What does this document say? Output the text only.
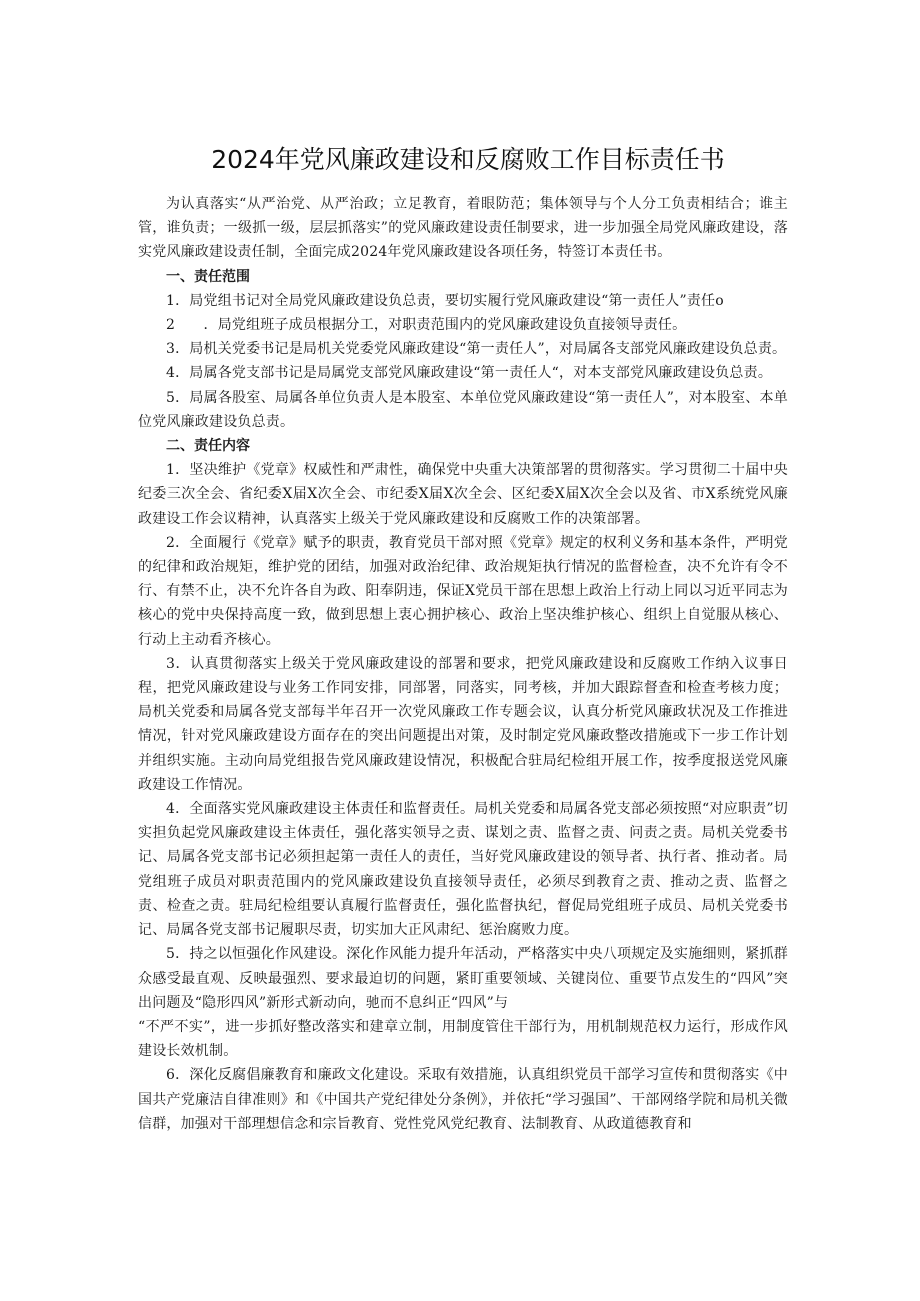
2024年党风廉政建设和反腐败工作目标责任书

为认真落实“从严治党、从严治政；立足教育，着眼防范；集体领导与个人分工负责相结合；谁主管，谁负责；一级抓一级，层层抓落实”的党风廉政建设责任制要求，进一步加强全局党风廉政建设，落实党风廉政建设责任制，全面完成2024年党风廉政建设各项任务，特签订本责任书。

一、责任范围

1．局党组书记对全局党风廉政建设负总责，要切实履行党风廉政建设“第一责任人”责任o

2　　．局党组班子成员根据分工，对职责范围内的党风廉政建设负直接领导责任。

3．局机关党委书记是局机关党委党风廉政建设“第一责任人”，对局属各支部党风廉政建设负总责。

4．局属各党支部书记是局属党支部党风廉政建设“第一责任人“，对本支部党风廉政建设负总责。

5．局属各股室、局属各单位负责人是本股室、本单位党风廉政建设“第一责任人”，对本股室、本单位党风廉政建设负总责。

二、责任内容

1．坚决维护《党章》权威性和严肃性，确保党中央重大决策部署的贯彻落实。学习贯彻二十届中央纪委三次全会、省纪委X届X次全会、市纪委X届X次全会、区纪委X届X次全会以及省、市X系统党风廉政建设工作会议精神，认真落实上级关于党风廉政建设和反腐败工作的决策部署。

2．全面履行《党章》赋予的职责，教育党员干部对照《党章》规定的权利义务和基本条件，严明党的纪律和政治规矩，维护党的团结，加强对政治纪律、政治规矩执行情况的监督检查，决不允许有令不行、有禁不止，决不允许各自为政、阳奉阴违，保证X党员干部在思想上政治上行动上同以习近平同志为核心的党中央保持高度一致，做到思想上衷心拥护核心、政治上坚决维护核心、组织上自觉服从核心、行动上主动看齐核心。

3．认真贯彻落实上级关于党风廉政建设的部署和要求，把党风廉政建设和反腐败工作纳入议事日程，把党风廉政建设与业务工作同安排，同部署，同落实，同考核，并加大跟踪督查和检查考核力度；局机关党委和局属各党支部每半年召开一次党风廉政工作专题会议，认真分析党风廉政状况及工作推进情况，针对党风廉政建设方面存在的突出问题提出对策，及时制定党风廉政整改措施或下一步工作计划并组织实施。主动向局党组报告党风廉政建设情况，积极配合驻局纪检组开展工作，按季度报送党风廉政建设工作情况。

4．全面落实党风廉政建设主体责任和监督责任。局机关党委和局属各党支部必须按照“对应职责”切实担负起党风廉政建设主体责任，强化落实领导之责、谋划之责、监督之责、问责之责。局机关党委书记、局属各党支部书记必须担起第一责任人的责任，当好党风廉政建设的领导者、执行者、推动者。局党组班子成员对职责范围内的党风廉政建设负直接领导责任，必须尽到教育之责、推动之责、监督之责、检查之责。驻局纪检组要认真履行监督责任，强化监督执纪，督促局党组班子成员、局机关党委书记、局属各党支部书记履职尽责，切实加大正风肃纪、惩治腐败力度。

5．持之以恒强化作风建设。深化作风能力提升年活动，严格落实中央八项规定及实施细则，紧抓群众感受最直观、反映最强烈、要求最迫切的问题，紧盯重要领域、关键岗位、重要节点发生的“四风”突出问题及“隐形四风”新形式新动向，驰而不息纠正“四风”与

“不严不实”，进一步抓好整改落实和建章立制，用制度管住干部行为，用机制规范权力运行，形成作风建设长效机制。

6．深化反腐倡廉教育和廉政文化建设。采取有效措施，认真组织党员干部学习宣传和贯彻落实《中国共产党廉洁自律准则》和《中国共产党纪律处分条例》，并依托“学习强国”、干部网络学院和局机关微信群，加强对干部理想信念和宗旨教育、党性党风党纪教育、法制教育、从政道德教育和
